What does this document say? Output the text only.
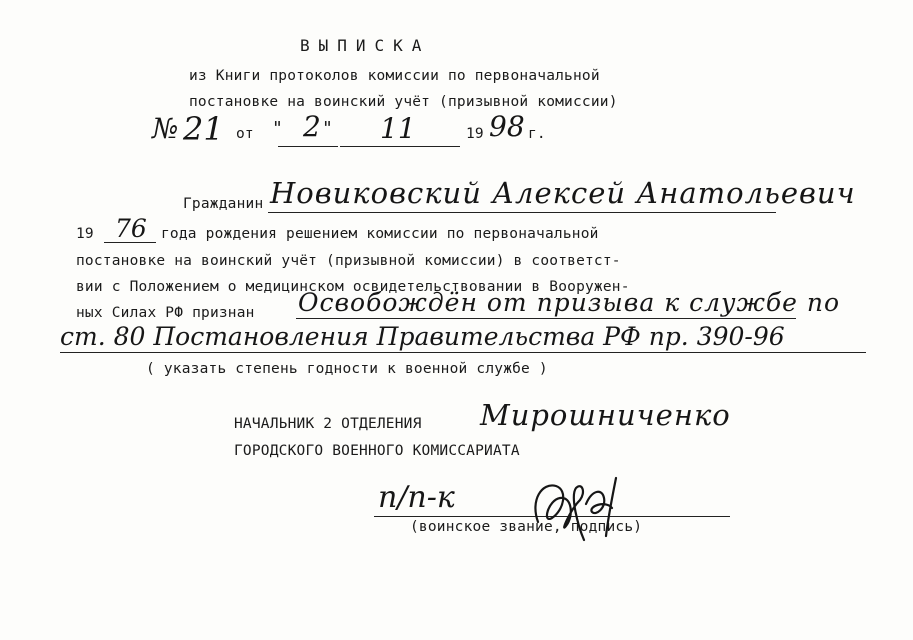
ВЫПИСКА
из Книги протоколов комиссии по первоначальной
постановке на воинский учёт (призывной комиссии)
№ 21 от " 2 " 11	19 98 г.
Гражданин Новиковский Алексей Анатольевич
19 76 года рождения решением комиссии по первоначальной
постановке на воинский учёт (призывной комиссии) в соответст-
вии с Положением о медицинском освидетельствовании в Вооружен-
ных Силах РФ признан Освобождён от призыва к службе по
ст. 80 Постановления Правительства РФ пр. 390-96
( указать степень годности к военной службе )
НАЧАЛЬНИК 2 ОТДЕЛЕНИЯ Мирошниченко
ГОРОДСКОГО ВОЕННОГО КОМИССАРИАТА
п/п-к
(воинское звание, подпись)
